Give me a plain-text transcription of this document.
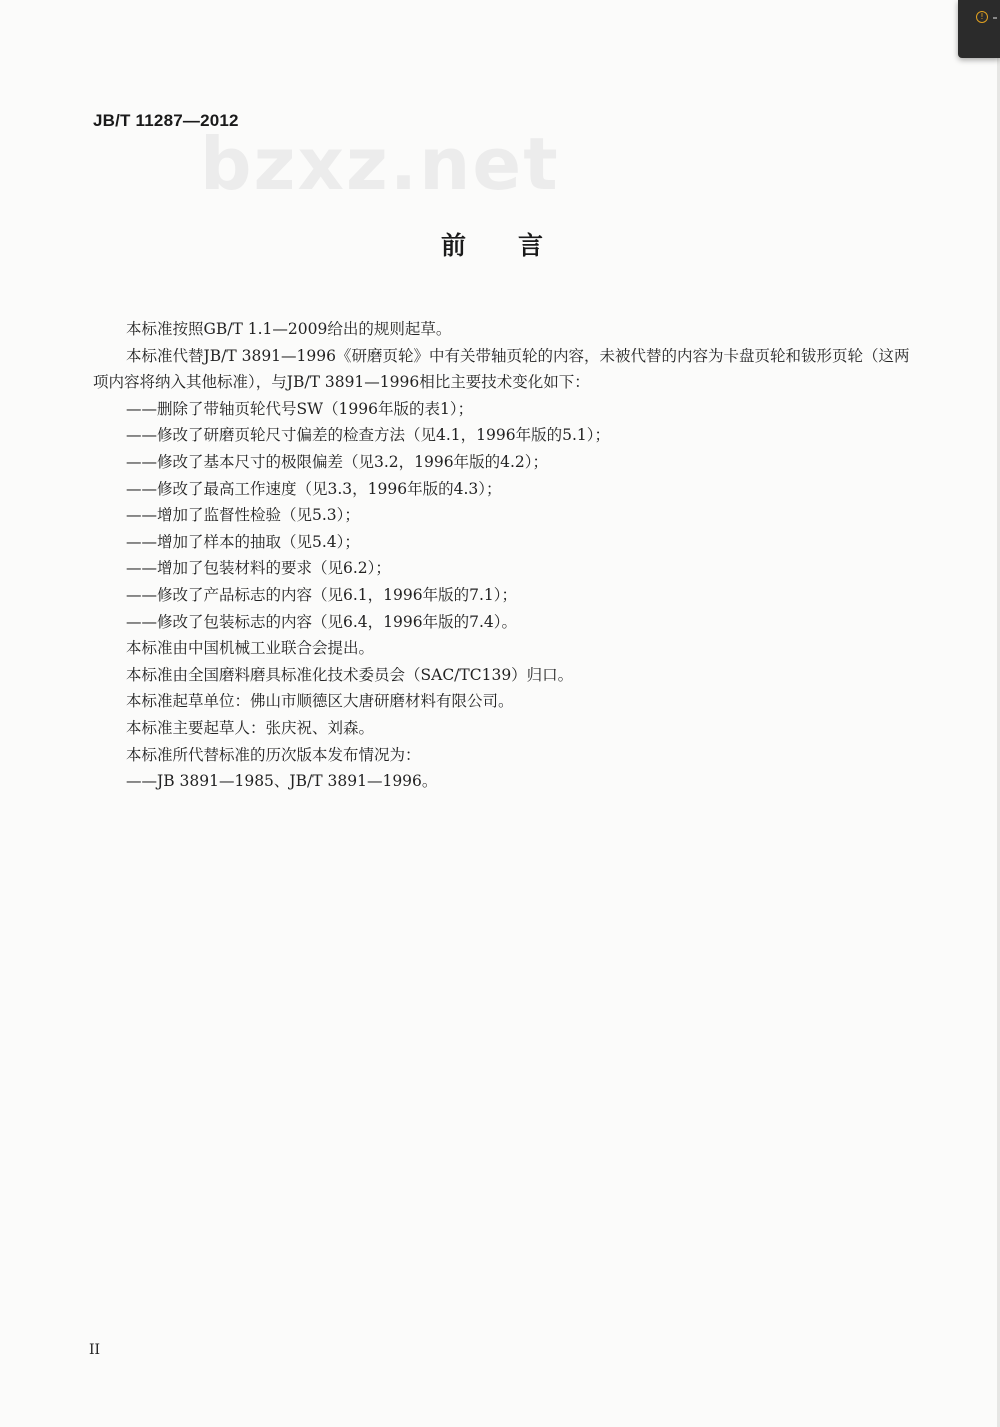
!
JB/T 11287—2012
bzxz.net
前言

本标准按照GB/T 1.1—2009给出的规则起草。

本标准代替JB/T 3891—1996《研磨页轮》中有关带轴页轮的内容，未被代替的内容为卡盘页轮和钹形页轮（这两项内容将纳入其他标准），与JB/T 3891—1996相比主要技术变化如下：

——删除了带轴页轮代号SW（1996年版的表1）；

——修改了研磨页轮尺寸偏差的检查方法（见4.1，1996年版的5.1）；

——修改了基本尺寸的极限偏差（见3.2，1996年版的4.2）；

——修改了最高工作速度（见3.3，1996年版的4.3）；

——增加了监督性检验（见5.3）；

——增加了样本的抽取（见5.4）；

——增加了包装材料的要求（见6.2）；

——修改了产品标志的内容（见6.1，1996年版的7.1）；

——修改了包装标志的内容（见6.4，1996年版的7.4）。

本标准由中国机械工业联合会提出。

本标准由全国磨料磨具标准化技术委员会（SAC/TC139）归口。

本标准起草单位：佛山市顺德区大唐研磨材料有限公司。

本标准主要起草人：张庆祝、刘森。

本标准所代替标准的历次版本发布情况为：

——JB 3891—1985、JB/T 3891—1996。

II
